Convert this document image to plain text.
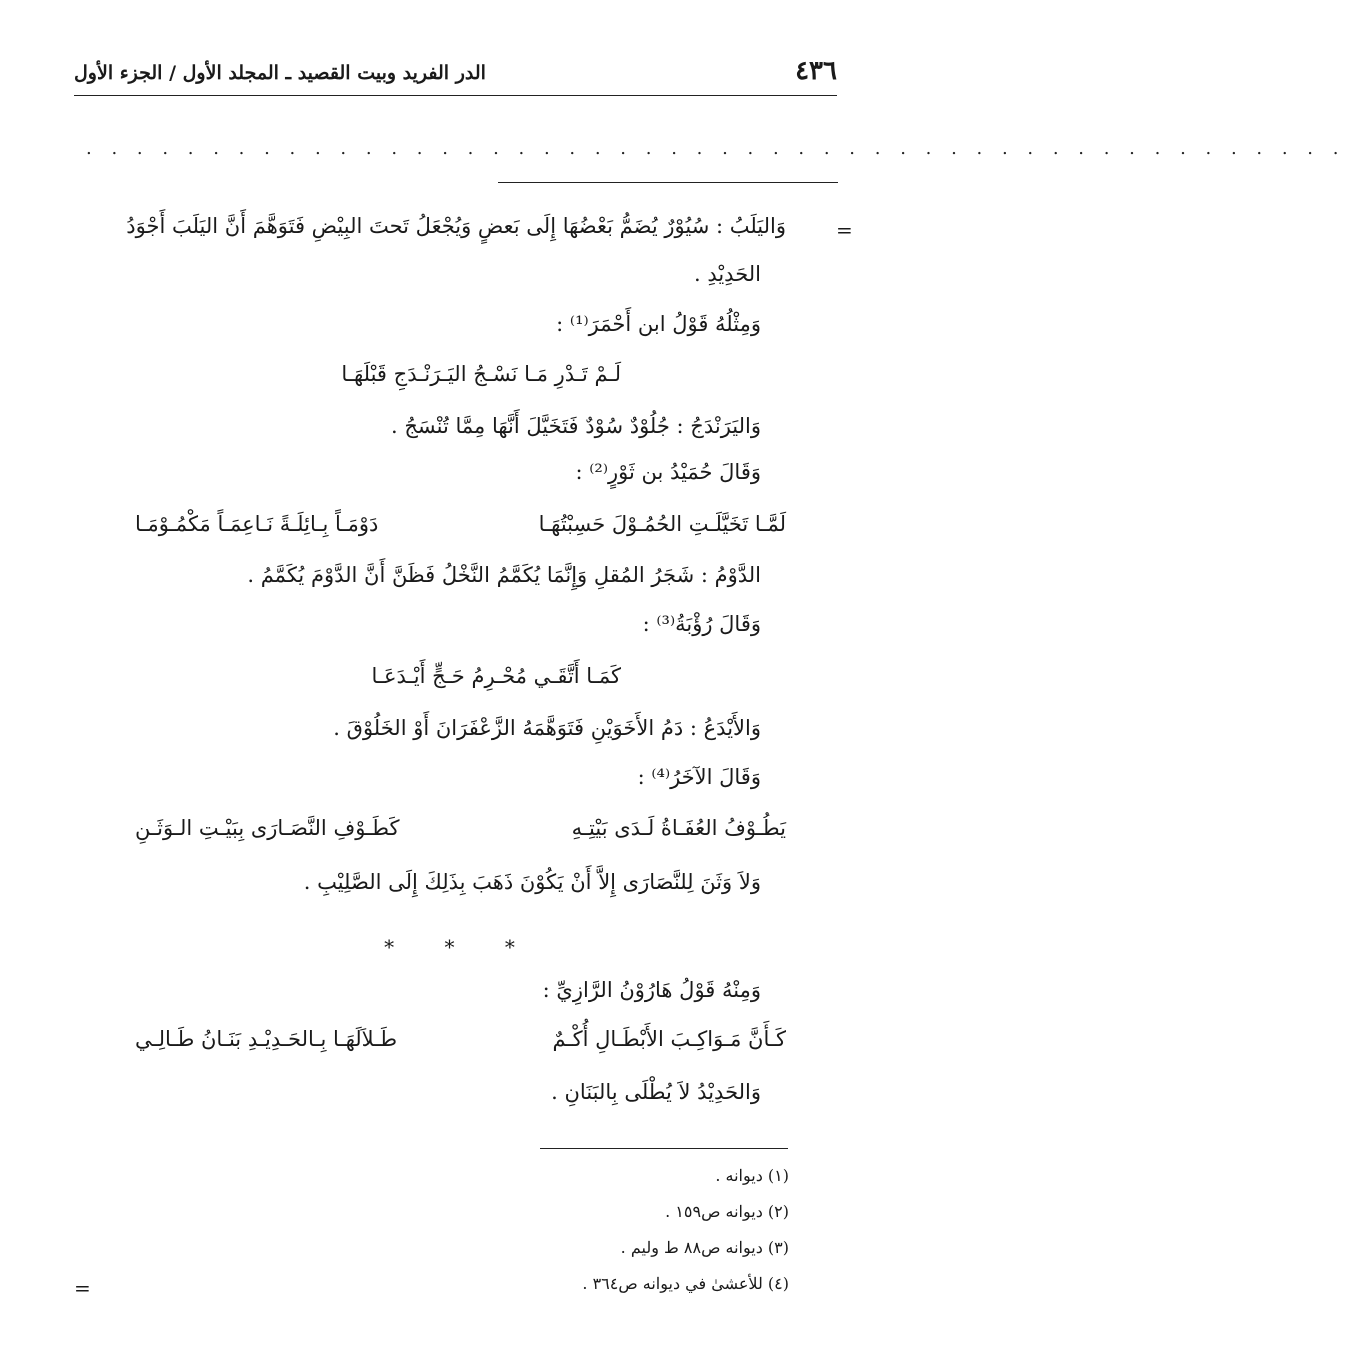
٤٣٦
الدر الفريد وبيت القصيد ـ المجلد الأول / الجزء الأول
. . . . . . . . . . . . . . . . . . . . . . . . . . . . . . . . . . . . . . . . . . . . . . . . . .
=
وَاليَلَبُ : سُيُوْرٌ يُضَمُّ بَعْضُهَا إِلَى بَعضٍ وَيُجْعَلُ تَحتَ البِيْضِ فَتَوَهَّمَ أَنَّ اليَلَبَ أَجْوَدُ
الحَدِيْدِ .
وَمِثْلُهُ قَوْلُ ابن أَحْمَرَ⁽¹⁾ :
لَـمْ تَـدْرِ مَـا نَسْـجُ اليَـرَنْـدَجِ قَبْلَهَـا
وَاليَرَنْدَجُ : جُلُوْدٌ سُوْدٌ فَتَخَيَّلَ أَنَّهَا مِمَّا تُنْسَجُ .
وَقَالَ حُمَيْدُ بن ثَوْرٍ⁽²⁾ :
لَمَّـا تَخَيَّلَـتِ الحُمُـوْلَ حَسِبْتُهَـا
دَوْمَـاً بِـائِلَـةً نَـاعِمَـاً مَكْمُـوْمَـا
الدَّوْمُ : شَجَرُ المُقلِ وَإِنَّمَا يُكَمَّمُ النَّخْلُ فَظَنَّ أَنَّ الدَّوْمَ يُكَمَّمُ .
وَقَالَ رُؤْبَةُ⁽³⁾ :
كَمَـا أَتَّقَـي مُحْـرِمُ حَـجٍّ أَيْـدَعَـا
وَالأَيْدَعُ : دَمُ الأَخَوَيْنِ فَتَوَهَّمَهُ الزَّعْفَرَانَ أَوْ الخَلُوْقَ .
وَقَالَ الآخَرُ⁽⁴⁾ :
يَطُـوْفُ العُفَـاةُ لَـدَى بَيْتِـهِ
كَطَـوْفِ النَّصَـارَى بِبَيْـتِ الـوَثَـنِ
وَلاَ وَثَنَ لِلنَّصَارَى إِلاَّ أَنْ يَكُوْنَ ذَهَبَ بِذَلِكَ إِلَى الصَّلِيْبِ .
* * *
وَمِنْهُ قَوْلُ هَارُوْنُ الرَّازِيِّ :
كَـأَنَّ مَـوَاكِـبَ الأَبْطَـالِ أُكْـمٌ
طَـلاَلَهَـا بِـالحَـدِيْـدِ بَنَـانُ طَـالِـي
وَالحَدِيْدُ لاَ يُطْلَى بِالبَنَانِ .
(١) ديوانه .
(٢) ديوانه ص١٥٩ .
(٣) ديوانه ص٨٨ ط وليم .
(٤) للأعشىٰ في ديوانه ص٣٦٤ .
=
